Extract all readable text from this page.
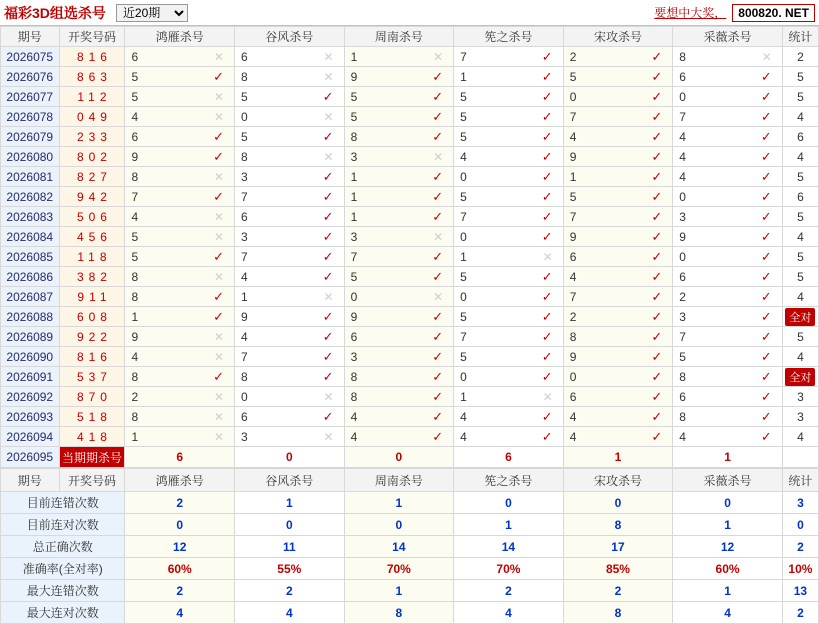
福彩3D组选杀号
近20期	要想中大奖，	800820. NET
期号	开奖号码	鸿雁杀号	谷风杀号	周南杀号	筅之杀号	宋攻杀号	采薇杀号	统计
2026075	816	6 ✕	6 ✕	1 ✕	7 ✓	2 ✓	8 ✕	2
2026076	863	5 ✓	8 ✕	9 ✓	1 ✓	5 ✓	6 ✓	5
2026077	112	5 ✕	5 ✓	5 ✓	5 ✓	0 ✓	0 ✓	5
2026078	049	4 ✕	0 ✕	5 ✓	5 ✓	7 ✓	7 ✓	4
2026079	233	6 ✓	5 ✓	8 ✓	5 ✓	4 ✓	4 ✓	6
2026080	802	9 ✓	8 ✕	3 ✕	4 ✓	9 ✓	4 ✓	4
2026081	827	8 ✕	3 ✓	1 ✓	0 ✓	1 ✓	4 ✓	5
2026082	942	7 ✓	7 ✓	1 ✓	5 ✓	5 ✓	0 ✓	6
2026083	506	4 ✕	6 ✓	1 ✓	7 ✓	7 ✓	3 ✓	5
2026084	456	5 ✕	3 ✓	3 ✕	0 ✓	9 ✓	9 ✓	4
2026085	118	5 ✓	7 ✓	7 ✓	1 ✕	6 ✓	0 ✓	5
2026086	382	8 ✕	4 ✓	5 ✓	5 ✓	4 ✓	6 ✓	5
2026087	911	8 ✓	1 ✕	0 ✕	0 ✓	7 ✓	2 ✓	4
2026088	608	1 ✓	9 ✓	9 ✓	5 ✓	2 ✓	3 ✓	全对
2026089	922	9 ✕	4 ✓	6 ✓	7 ✓	8 ✓	7 ✓	5
2026090	816	4 ✕	7 ✓	3 ✓	5 ✓	9 ✓	5 ✓	4
2026091	537	8 ✓	8 ✓	8 ✓	0 ✓	0 ✓	8 ✓	全对
2026092	870	2 ✕	0 ✕	8 ✓	1 ✕	6 ✓	6 ✓	3
2026093	518	8 ✕	6 ✓	4 ✓	4 ✓	4 ✓	8 ✓	3
2026094	418	1 ✕	3 ✕	4 ✓	4 ✓	4 ✓	4 ✓	4
2026095	当期期杀号	6	0	0	6	1	1	
期号	开奖号码	鸿雁杀号	谷风杀号	周南杀号	筅之杀号	宋攻杀号	采薇杀号	统计
目前连错次数		2	1	1	0	0	0	3
目前连对次数		0	0	0	1	8	1	0
总正确次数		12	11	14	14	17	12	2
准确率(全对率)		60%	55%	70%	70%	85%	60%	10%
最大连错次数		2	2	1	2	2	1	13
最大连对次数		4	4	8	4	8	4	2
